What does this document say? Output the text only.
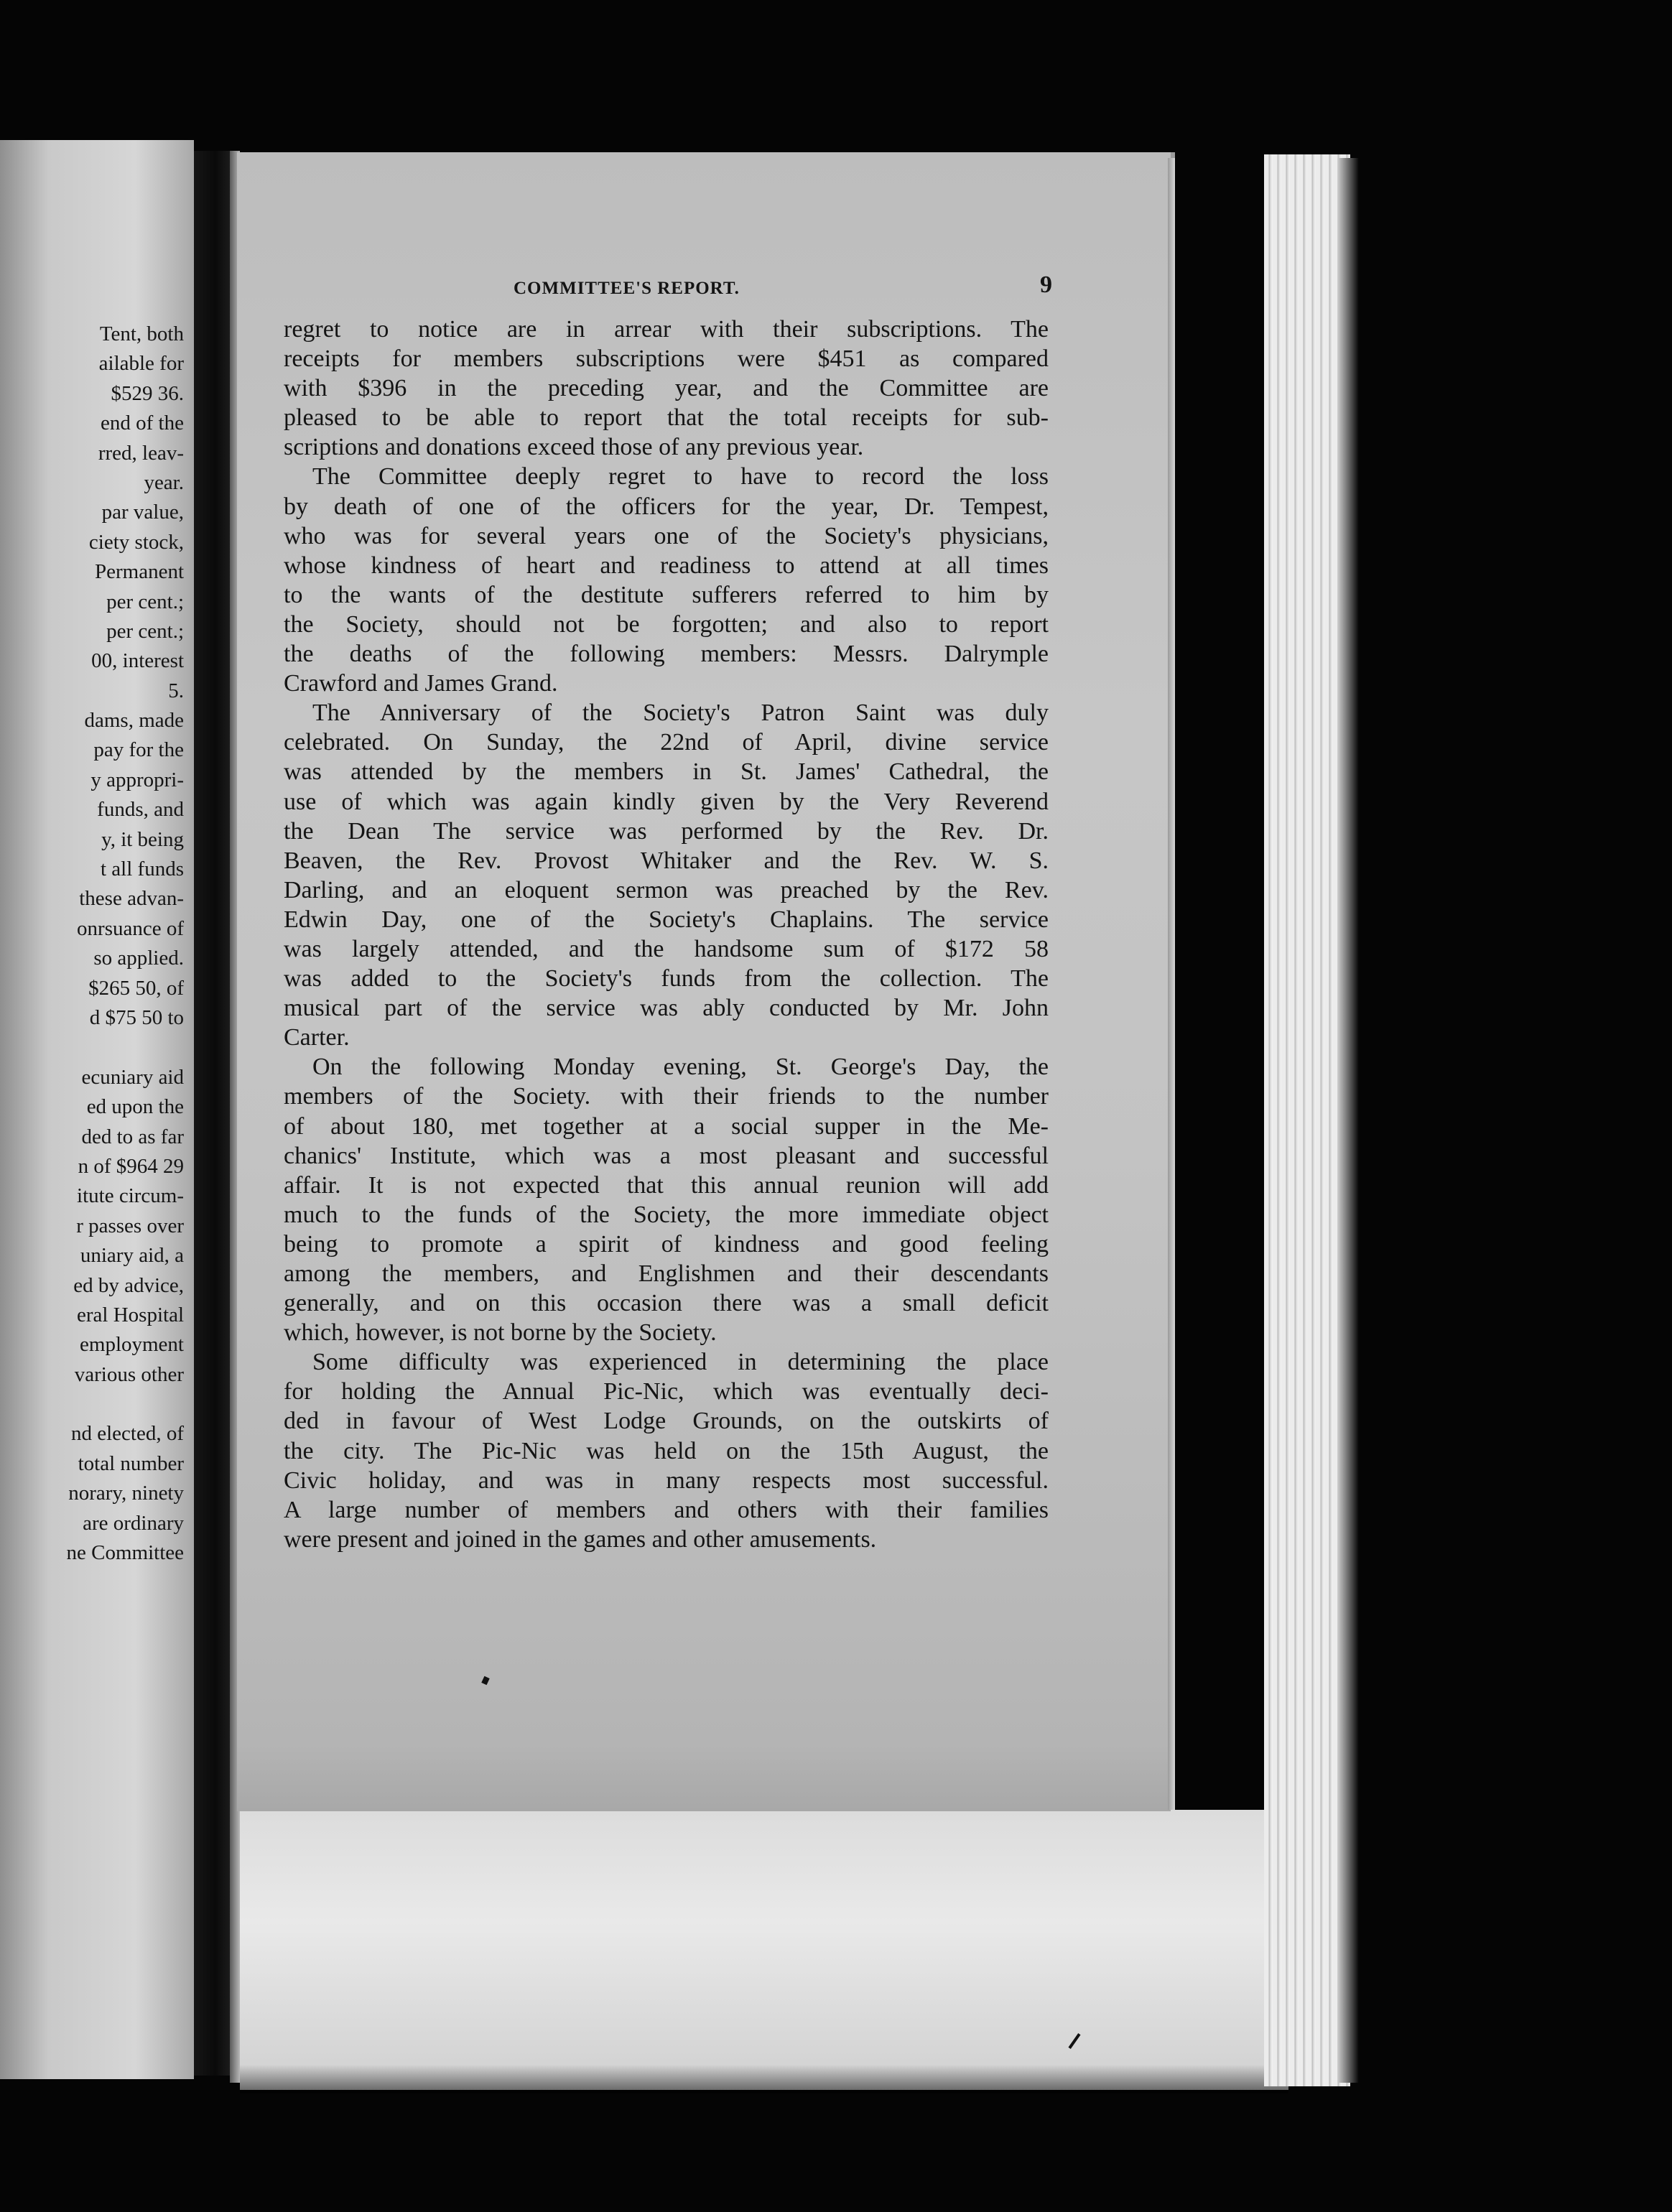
Tent, both
ailable for
$529 36.
end of the
rred, leav-
year.
par value,
ciety stock,
Permanent
per cent.;
per cent.;
00, interest
5.
dams, made
pay for the
y appropri-
funds, and
y, it being
t all funds
these advan-
onrsuance of
so applied.
$265 50, of
d $75 50 to
ecuniary aid
ed upon the
ded to as far
n of $964 29
itute circum-
r passes over
uniary aid, a
ed by advice,
eral Hospital
employment
various other
nd elected, of
total number
norary, ninety
are ordinary
ne Committee
COMMITTEE'S REPORT.	9
regret to notice are in arrear with their subscriptions. The
receipts for members subscriptions were $451 as compared
with $396 in the preceding year, and the Committee are
pleased to be able to report that the total receipts for sub-
scriptions and donations exceed those of any previous year.
The Committee deeply regret to have to record the loss
by death of one of the officers for the year, Dr. Tempest,
who was for several years one of the Society's physicians,
whose kindness of heart and readiness to attend at all times
to the wants of the destitute sufferers referred to him by
the Society, should not be forgotten; and also to report
the deaths of the following members: Messrs. Dalrymple
Crawford and James Grand.
The Anniversary of the Society's Patron Saint was duly
celebrated. On Sunday, the 22nd of April, divine service
was attended by the members in St. James' Cathedral, the
use of which was again kindly given by the Very Reverend
the Dean The service was performed by the Rev. Dr.
Beaven, the Rev. Provost Whitaker and the Rev. W. S.
Darling, and an eloquent sermon was preached by the Rev.
Edwin Day, one of the Society's Chaplains. The service
was largely attended, and the handsome sum of $172 58
was added to the Society's funds from the collection. The
musical part of the service was ably conducted by Mr. John
Carter.
On the following Monday evening, St. George's Day, the
members of the Society. with their friends to the number
of about 180, met together at a social supper in the Me-
chanics' Institute, which was a most pleasant and successful
affair. It is not expected that this annual reunion will add
much to the funds of the Society, the more immediate object
being to promote a spirit of kindness and good feeling
among the members, and Englishmen and their descendants
generally, and on this occasion there was a small deficit
which, however, is not borne by the Society.
Some difficulty was experienced in determining the place
for holding the Annual Pic-Nic, which was eventually deci-
ded in favour of West Lodge Grounds, on the outskirts of
the city. The Pic-Nic was held on the 15th August, the
Civic holiday, and was in many respects most successful.
A large number of members and others with their families
were present and joined in the games and other amusements.
